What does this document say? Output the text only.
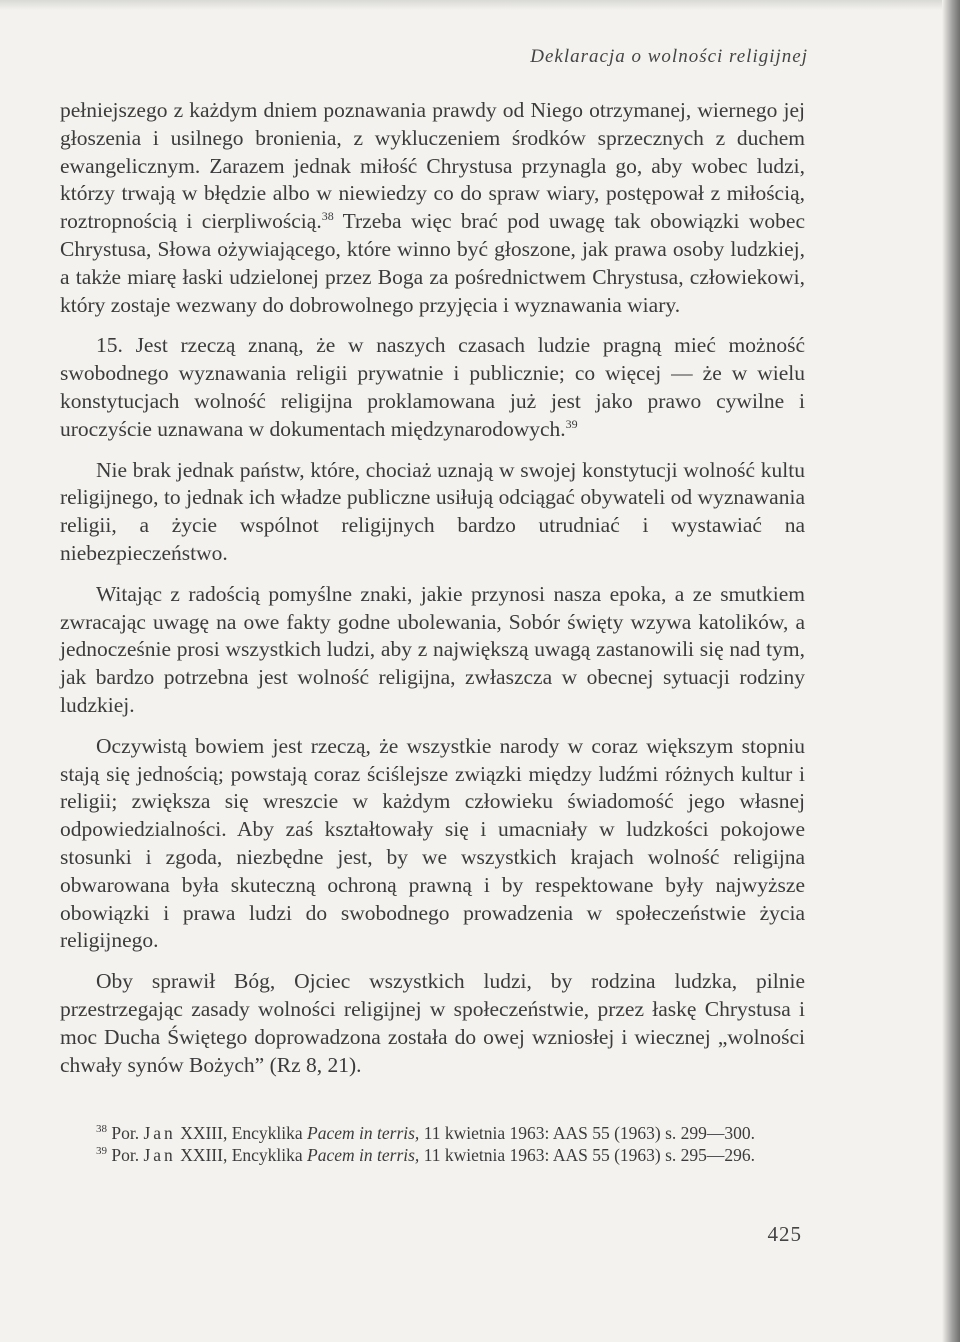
Deklaracja o wolności religijnej

pełniejszego z każdym dniem poznawania prawdy od Niego otrzymanej, wiernego jej głoszenia i usilnego bronienia, z wykluczeniem środków sprzecznych z duchem ewangelicznym. Zarazem jednak miłość Chrystusa przynagla go, aby wobec ludzi, którzy trwają w błędzie albo w niewiedzy co do spraw wiary, postępował z miłością, roztropnością i cierpliwością.$^{38}$ Trzeba więc brać pod uwagę tak obowiązki wobec Chrystusa, Słowa ożywiającego, które winno być głoszone, jak prawa osoby ludzkiej, a także miarę łaski udzielonej przez Boga za pośrednictwem Chrystusa, człowiekowi, który zostaje wezwany do dobrowolnego przyjęcia i wyznawania wiary.

15. Jest rzeczą znaną, że w naszych czasach ludzie pragną mieć możność swobodnego wyznawania religii prywatnie i publicznie; co więcej — że w wielu konstytucjach wolność religijna proklamowana już jest jako prawo cywilne i uroczyście uznawana w dokumentach międzynarodowych.$^{39}$

Nie brak jednak państw, które, chociaż uznają w swojej konstytucji wolność kultu religijnego, to jednak ich władze publiczne usiłują odciągać obywateli od wyznawania religii, a życie wspólnot religijnych bardzo utrudniać i wystawiać na niebezpieczeństwo.

Witając z radością pomyślne znaki, jakie przynosi nasza epoka, a ze smutkiem zwracając uwagę na owe fakty godne ubolewania, Sobór święty wzywa katolików, a jednocześnie prosi wszystkich ludzi, aby z największą uwagą zastanowili się nad tym, jak bardzo potrzebna jest wolność religijna, zwłaszcza w obecnej sytuacji rodziny ludzkiej.

Oczywistą bowiem jest rzeczą, że wszystkie narody w coraz większym stopniu stają się jednością; powstają coraz ściślejsze związki między ludźmi różnych kultur i religii; zwiększa się wreszcie w każdym człowieku świadomość jego własnej odpowiedzialności. Aby zaś kształtowały się i umacniały w ludzkości pokojowe stosunki i zgoda, niezbędne jest, by we wszystkich krajach wolność religijna obwarowana była skuteczną ochroną prawną i by respektowane były najwyższe obowiązki i prawa ludzi do swobodnego prowadzenia w społeczeństwie życia religijnego.

Oby sprawił Bóg, Ojciec wszystkich ludzi, by rodzina ludzka, pilnie przestrzegając zasady wolności religijnej w społeczeństwie, przez łaskę Chrystusa i moc Ducha Świętego doprowadzona została do owej wzniosłej i wiecznej „wolności chwały synów Bożych” (Rz 8, 21).

$^{38}$ Por. Jan XXIII, Encyklika Pacem in terris, 11 kwietnia 1963: AAS 55 (1963) s. 299—300.
$^{39}$ Por. Jan XXIII, Encyklika Pacem in terris, 11 kwietnia 1963: AAS 55 (1963) s. 295—296.
425
